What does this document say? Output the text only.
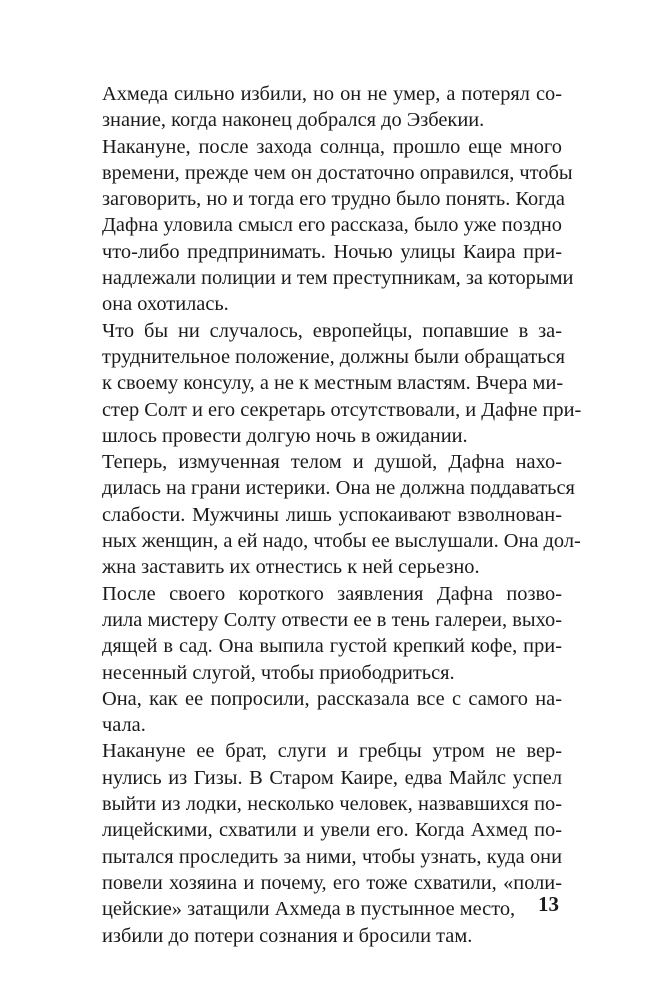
Ахмеда сильно избили, но он не умер, а потерял со-
знание, когда наконец добрался до Эзбекии.
Накануне, после захода солнца, прошло еще много
времени, прежде чем он достаточно оправился, чтобы
заговорить, но и тогда его трудно было понять. Когда
Дафна уловила смысл его рассказа, было уже поздно
что-либо предпринимать. Ночью улицы Каира при-
надлежали полиции и тем преступникам, за которыми
она охотилась.
Что бы ни случалось, европейцы, попавшие в за-
труднительное положение, должны были обращаться
к своему консулу, а не к местным властям. Вчера ми-
стер Солт и его секретарь отсутствовали, и Дафне при-
шлось провести долгую ночь в ожидании.
Теперь, измученная телом и душой, Дафна нахо-
дилась на грани истерики. Она не должна поддаваться
слабости. Мужчины лишь успокаивают взволнован-
ных женщин, а ей надо, чтобы ее выслушали. Она дол-
жна заставить их отнестись к ней серьезно.
После своего короткого заявления Дафна позво-
лила мистеру Солту отвести ее в тень галереи, выхо-
дящей в сад. Она выпила густой крепкий кофе, при-
несенный слугой, чтобы приободриться.
Она, как ее попросили, рассказала все с самого на-
чала.
Накануне ее брат, слуги и гребцы утром не вер-
нулись из Гизы. В Старом Каире, едва Майлс успел
выйти из лодки, несколько человек, назвавшихся по-
лицейскими, схватили и увели его. Когда Ахмед по-
пытался проследить за ними, чтобы узнать, куда они
повели хозяина и почему, его тоже схватили, «поли-
цейские» затащили Ахмеда в пустынное место,
избили до потери сознания и бросили там.
13
